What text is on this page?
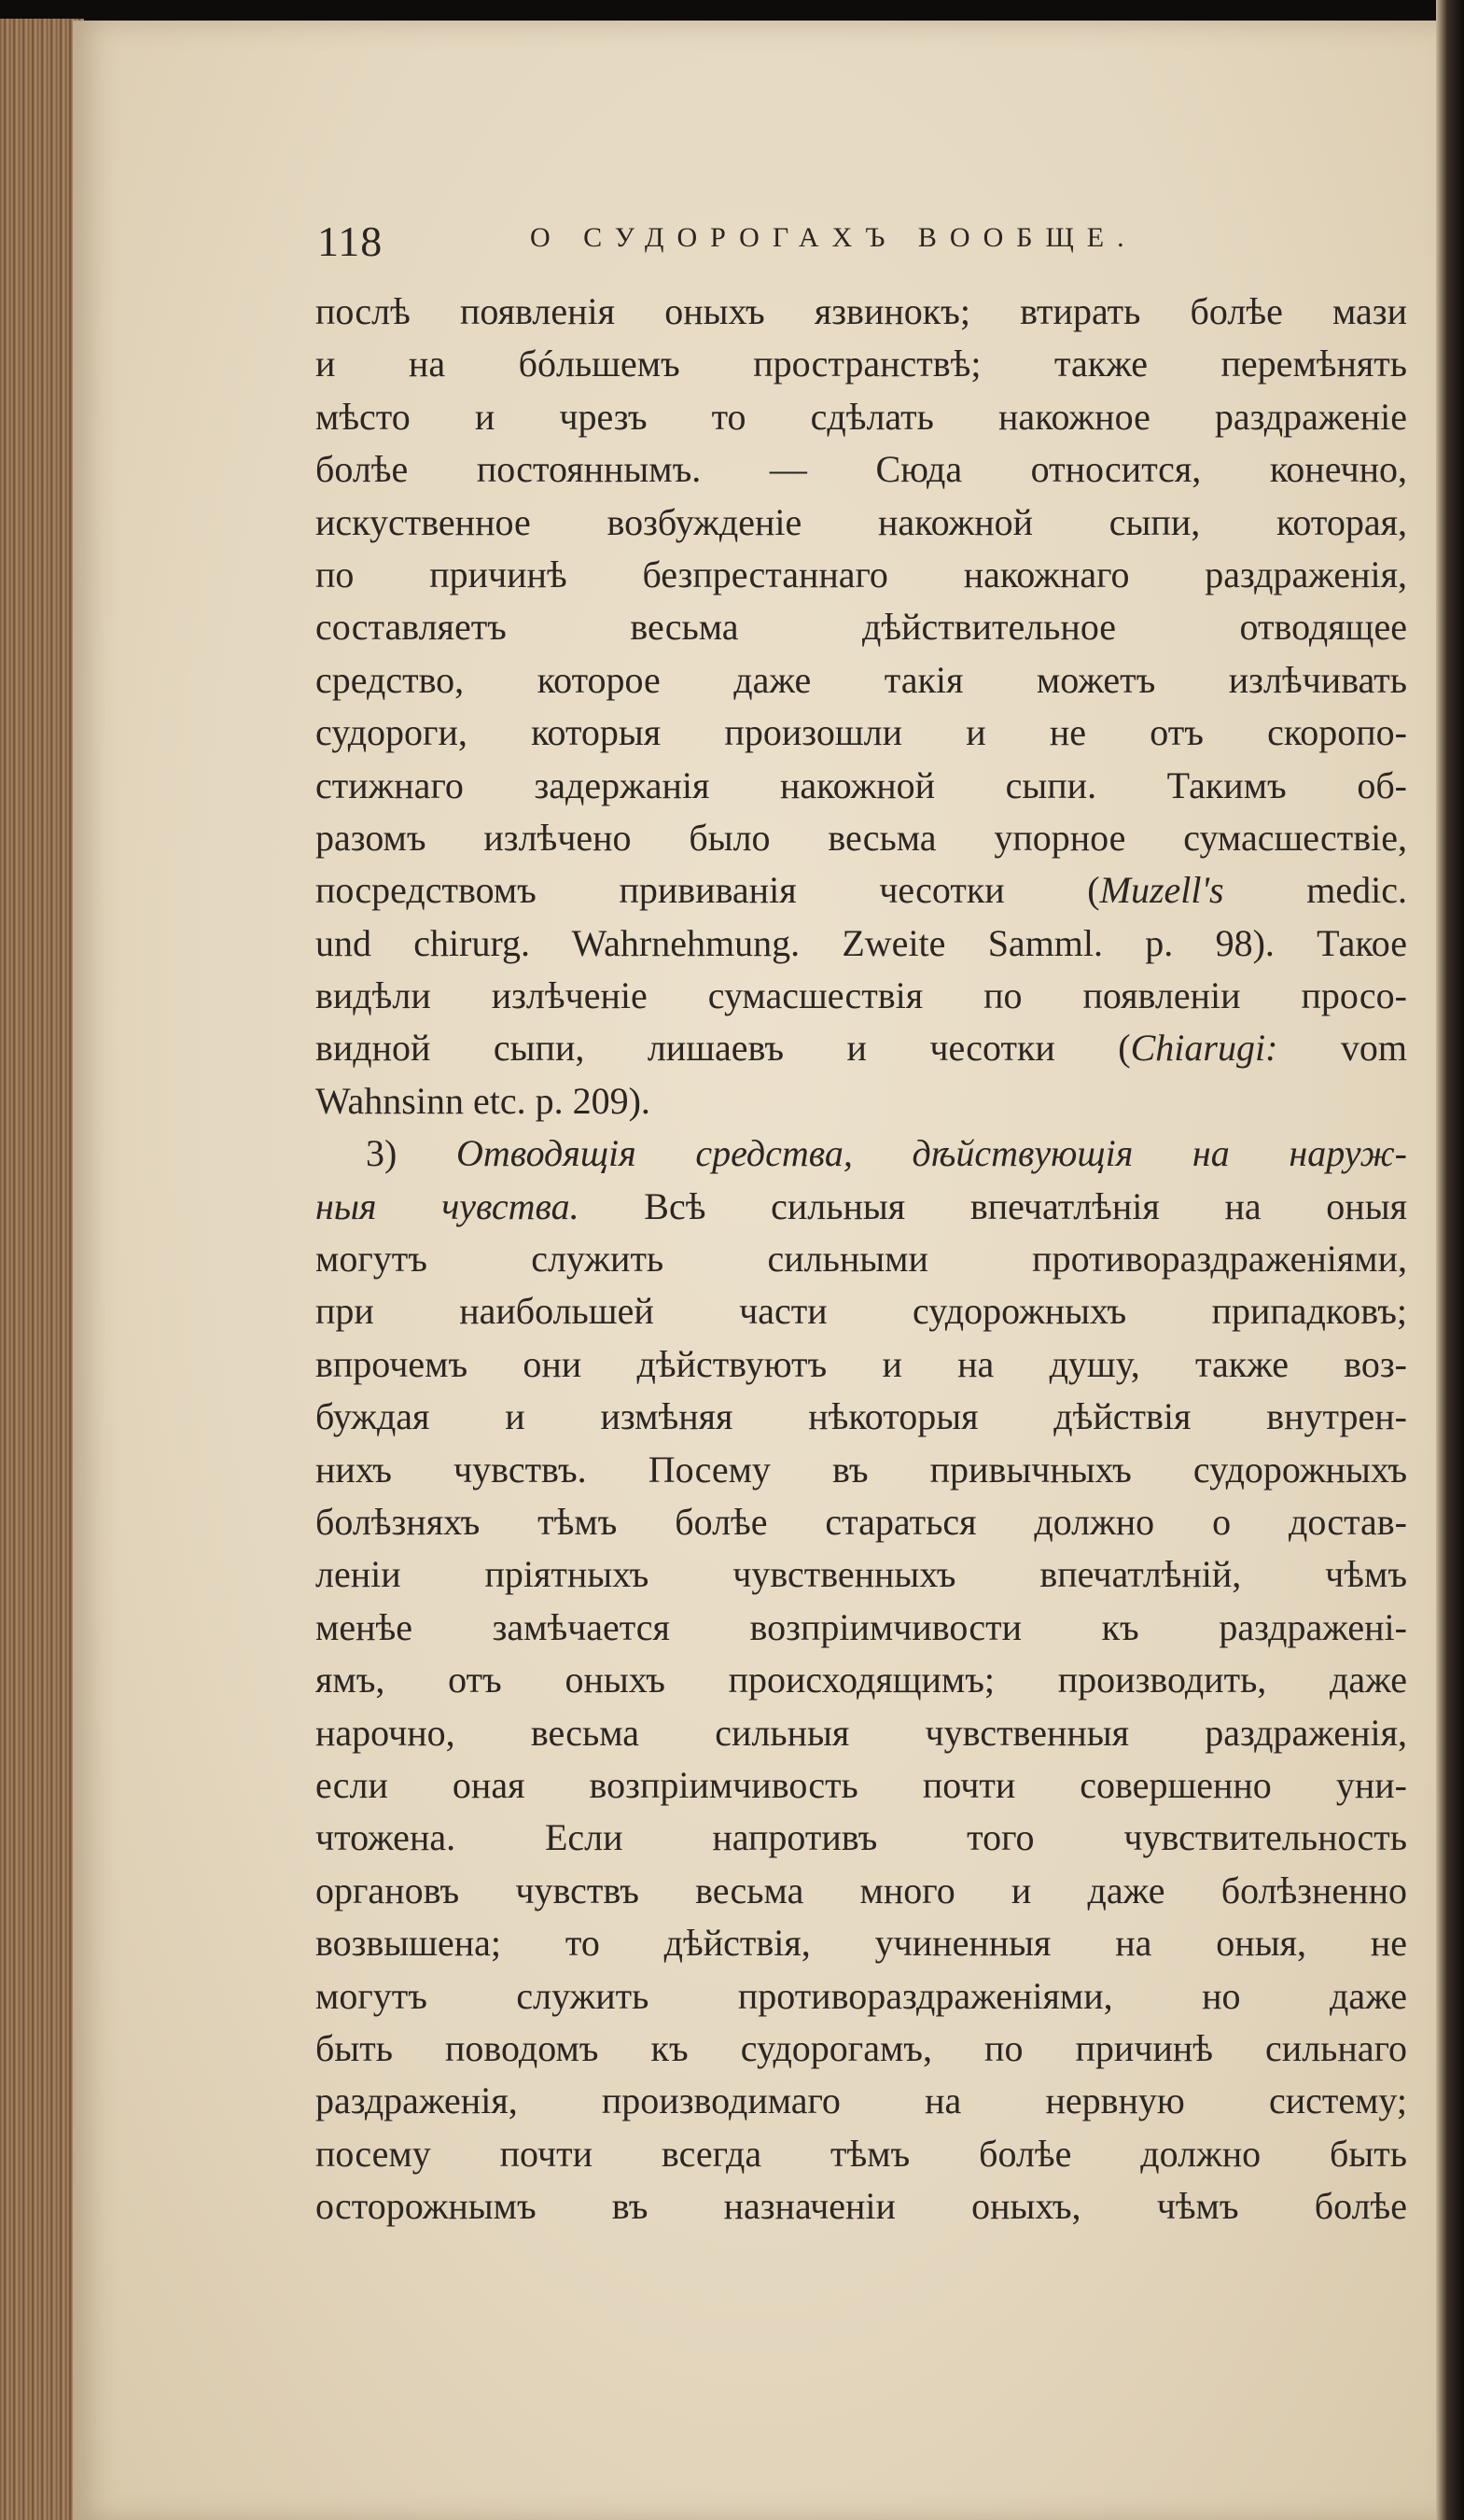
118	О СУДОРОГАХЪ ВООБЩЕ.
послѣ появленія оныхъ язвинокъ; втирать болѣе мази
и на бóльшемъ пространствѣ; также перемѣнять
мѣсто и чрезъ то сдѣлать накожное раздраженіе
болѣе постояннымъ. — Сюда относится, конечно,
искуственное возбужденіе накожной сыпи, которая,
по причинѣ безпрестаннаго накожнаго раздраженія,
составляетъ весьма дѣйствительное отводящее
средство, которое даже такія можетъ излѣчивать
судороги, которыя произошли и не отъ скоропо-
стижнаго задержанія накожной сыпи. Такимъ об-
разомъ излѣчено было весьма упорное сумасшествіе,
посредствомъ прививанія чесотки (Muzell's medic.
und chirurg. Wahrnehmung. Zweite Samml. p. 98). Такое
видѣли излѣченіе сумасшествія по появленіи просо-
видной сыпи, лишаевъ и чесотки (Chiarugi: vom
Wahnsinn etc. p. 209).
3) Отводящія средства, дѣйствующія на наруж-
ныя чувства. Всѣ сильныя впечатлѣнія на оныя
могутъ служить сильными противораздраженіями,
при наибольшей части судорожныхъ припадковъ;
впрочемъ они дѣйствуютъ и на душу, также воз-
буждая и измѣняя нѣкоторыя дѣйствія внутрен-
нихъ чувствъ. Посему въ привычныхъ судорожныхъ
болѣзняхъ тѣмъ болѣе стараться должно о достав-
леніи пріятныхъ чувственныхъ впечатлѣній, чѣмъ
менѣе замѣчается возпріимчивости къ раздражені-
ямъ, отъ оныхъ происходящимъ; производить, даже
нарочно, весьма сильныя чувственныя раздраженія,
если оная возпріимчивость почти совершенно уни-
чтожена. Если напротивъ того чувствительность
органовъ чувствъ весьма много и даже болѣзненно
возвышена; то дѣйствія, учиненныя на оныя, не
могутъ служить противораздраженіями, но даже
быть поводомъ къ судорогамъ, по причинѣ сильнаго
раздраженія, производимаго на нервную систему;
посему почти всегда тѣмъ болѣе должно быть
осторожнымъ въ назначеніи оныхъ, чѣмъ болѣе
